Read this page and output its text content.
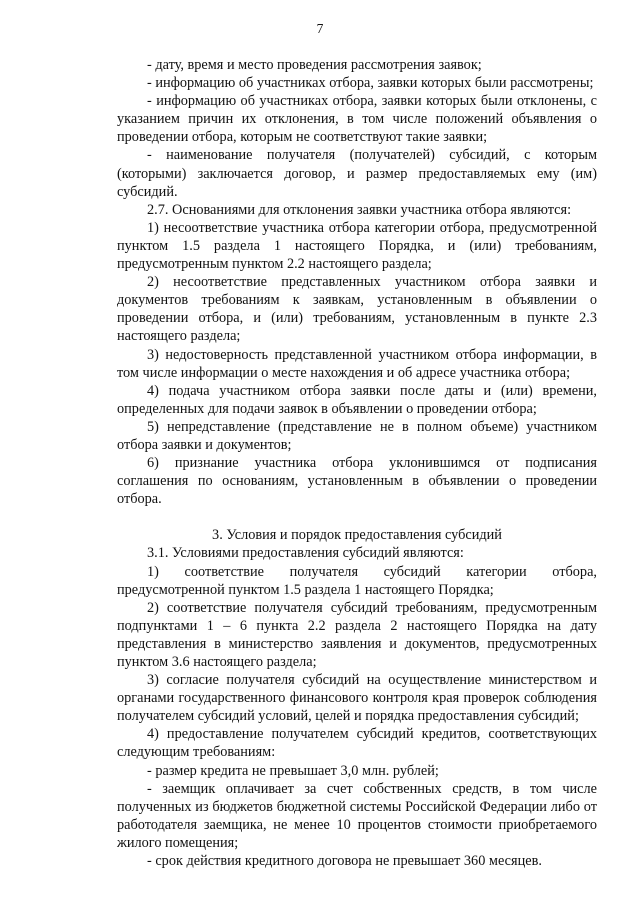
7

- дату, время и место проведения рассмотрения заявок;

- информацию об участниках отбора, заявки которых были рассмотрены;

- информацию об участниках отбора, заявки которых были отклонены, с указанием причин их отклонения, в том числе положений объявления о проведении отбора, которым не соответствуют такие заявки;

- наименование получателя (получателей) субсидий, с которым (которыми) заключается договор, и размер предоставляемых ему (им) субсидий.

2.7. Основаниями для отклонения заявки участника отбора являются:

1) несоответствие участника отбора категории отбора, предусмотренной пунктом 1.5 раздела 1 настоящего Порядка, и (или) требованиям, предусмотренным пунктом 2.2 настоящего раздела;

2) несоответствие представленных участником отбора заявки и документов требованиям к заявкам, установленным в объявлении о проведении отбора, и (или) требованиям, установленным в пункте 2.3 настоящего раздела;

3) недостоверность представленной участником отбора информации, в том числе информации о месте нахождения и об адресе участника отбора;

4) подача участником отбора заявки после даты и (или) времени, определенных для подачи заявок в объявлении о проведении отбора;

5) непредставление (представление не в полном объеме) участником отбора заявки и документов;

6) признание участника отбора уклонившимся от подписания соглашения по основаниям, установленным в объявлении о проведении отбора.

3. Условия и порядок предоставления субсидий

3.1. Условиями предоставления субсидий являются:

1) соответствие получателя субсидий категории отбора, предусмотренной пунктом 1.5 раздела 1 настоящего Порядка;

2) соответствие получателя субсидий требованиям, предусмотренным подпунктами 1 – 6 пункта 2.2 раздела 2 настоящего Порядка на дату представления в министерство заявления и документов, предусмотренных пунктом 3.6 настоящего раздела;

3) согласие получателя субсидий на осуществление министерством и органами государственного финансового контроля края проверок соблюдения получателем субсидий условий, целей и порядка предоставления субсидий;

4) предоставление получателем субсидий кредитов, соответствующих следующим требованиям:

- размер кредита не превышает 3,0 млн. рублей;

- заемщик оплачивает за счет собственных средств, в том числе полученных из бюджетов бюджетной системы Российской Федерации либо от работодателя заемщика, не менее 10 процентов стоимости приобретаемого жилого помещения;

- срок действия кредитного договора не превышает 360 месяцев.
